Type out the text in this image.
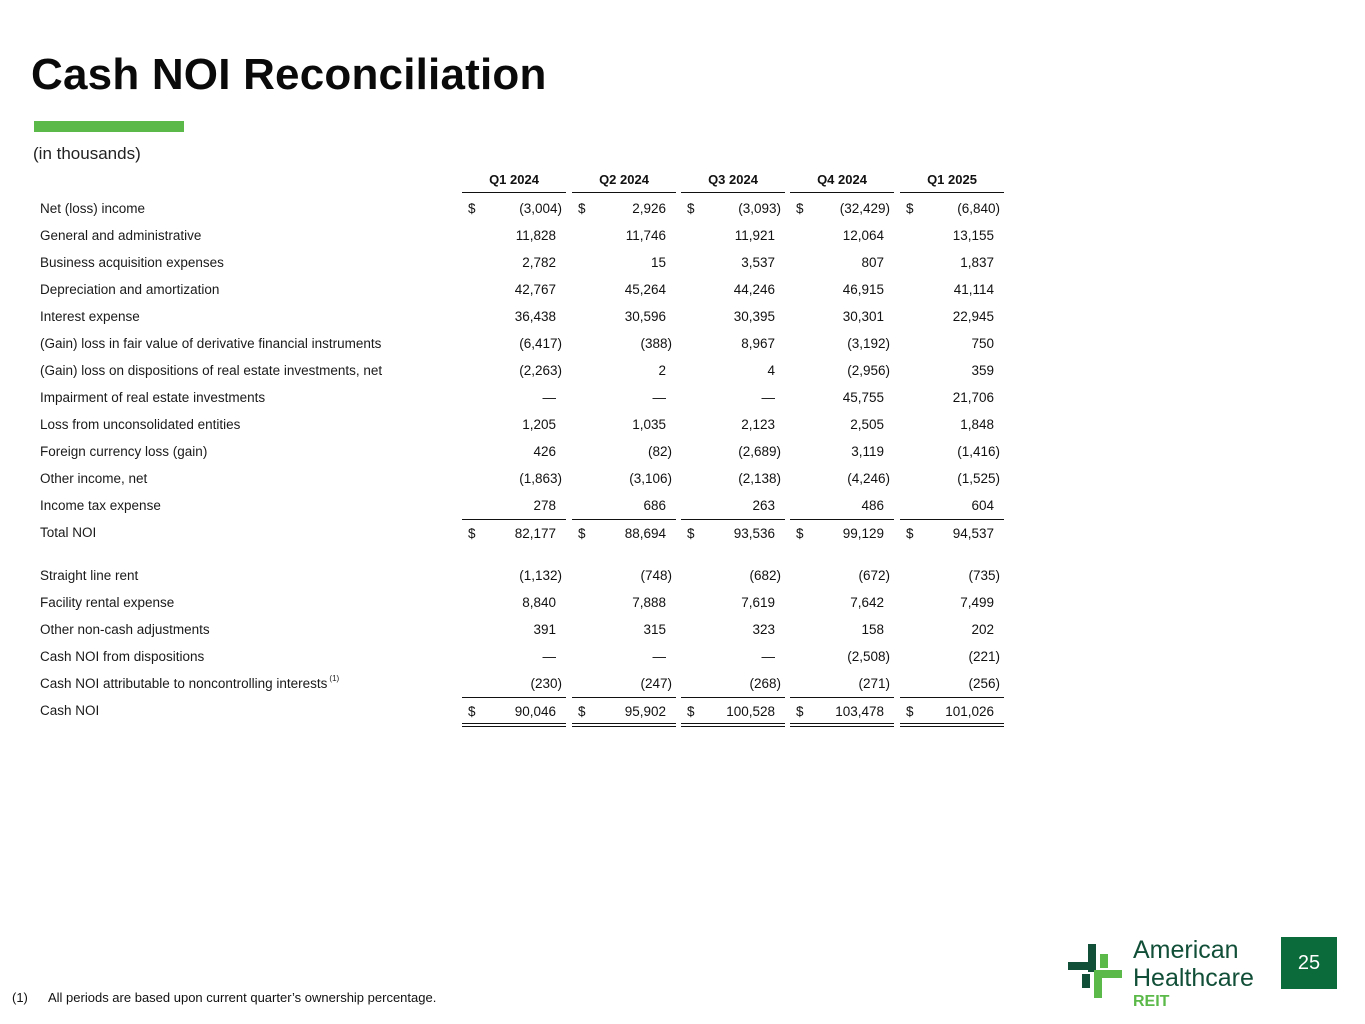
Cash NOI Reconciliation
(in thousands)
Q1 2024	Q2 2024	Q3 2024	Q4 2024	Q1 2025
Net (loss) income	$	(3,004) $	2,926 $	(3,093) $	(32,429) $	(6,840)
General and administrative	11,828	11,746	11,921	12,064	13,155
Business acquisition expenses	2,782	15	3,537	807	1,837
Depreciation and amortization	42,767	45,264	44,246	46,915	41,114
Interest expense	36,438	30,596	30,395	30,301	22,945
(Gain) loss in fair value of derivative financial instruments	(6,417)	(388)	8,967	(3,192)	750
(Gain) loss on dispositions of real estate investments, net	(2,263)	2	4	(2,956)	359
Impairment of real estate investments	—	—	—	45,755	21,706
Loss from unconsolidated entities	1,205	1,035	2,123	2,505	1,848
Foreign currency loss (gain)	426	(82)	(2,689)	3,119	(1,416)
Other income, net	(1,863)	(3,106)	(2,138)	(4,246)	(1,525)
Income tax expense	278	686	263	486	604
Total NOI	$	82,177 $	88,694 $	93,536 $	99,129 $	94,537
Straight line rent	(1,132)	(748)	(682)	(672)	(735)
Facility rental expense	8,840	7,888	7,619	7,642	7,499
Other non-cash adjustments	391	315	323	158	202
Cash NOI from dispositions	—	—	—	(2,508)	(221)
Cash NOI attributable to noncontrolling interests $^{(1)}$	(230)	(247)	(268)	(271)	(256)
Cash NOI	$	90,046 $	95,902 $ 100,528 $ 103,478 $ 101,026
(1) All periods are based upon current quarter’s ownership percentage.
American
Healthcare
REIT
25
